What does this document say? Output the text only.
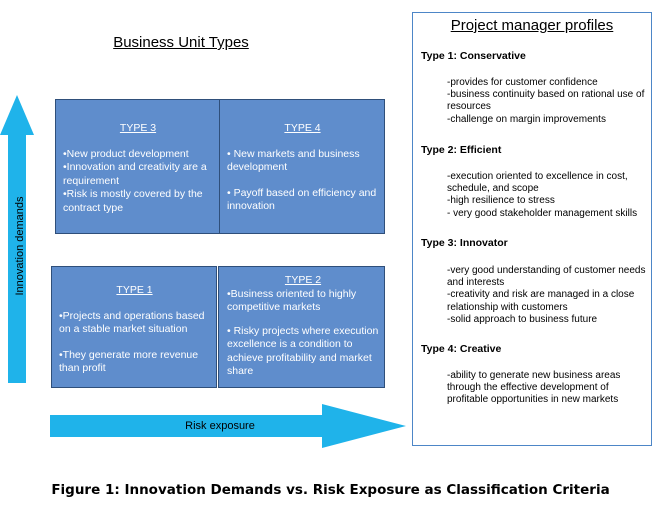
Business Unit Types
Innovation demands
Risk exposure
TYPE 3
•New product development
•Innovation and creativity are a requirement
•Risk is mostly covered by the contract type
TYPE 4
• New markets and business development
• Payoff based on efficiency and innovation
TYPE 1
•Projects and operations based on a stable market situation
•They generate more revenue than profit
TYPE 2
•Business oriented to highly competitive markets
• Risky projects where execution excellence is a condition to achieve profitability and market share
Project manager profiles
Type 1: Conservative
-provides for customer confidence
-business continuity based on rational use of resources
-challenge on margin improvements
Type 2: Efficient
-execution oriented to excellence in cost, schedule, and scope
-high resilience to stress
- very good stakeholder management skills
Type 3: Innovator
-very good understanding of customer needs and interests
-creativity and risk are managed in a close relationship with customers
-solid approach to business future
Type 4: Creative
-ability to generate new business areas through the effective development of profitable opportunities in new markets
Figure 1: Innovation Demands vs. Risk Exposure as Classification Criteria
